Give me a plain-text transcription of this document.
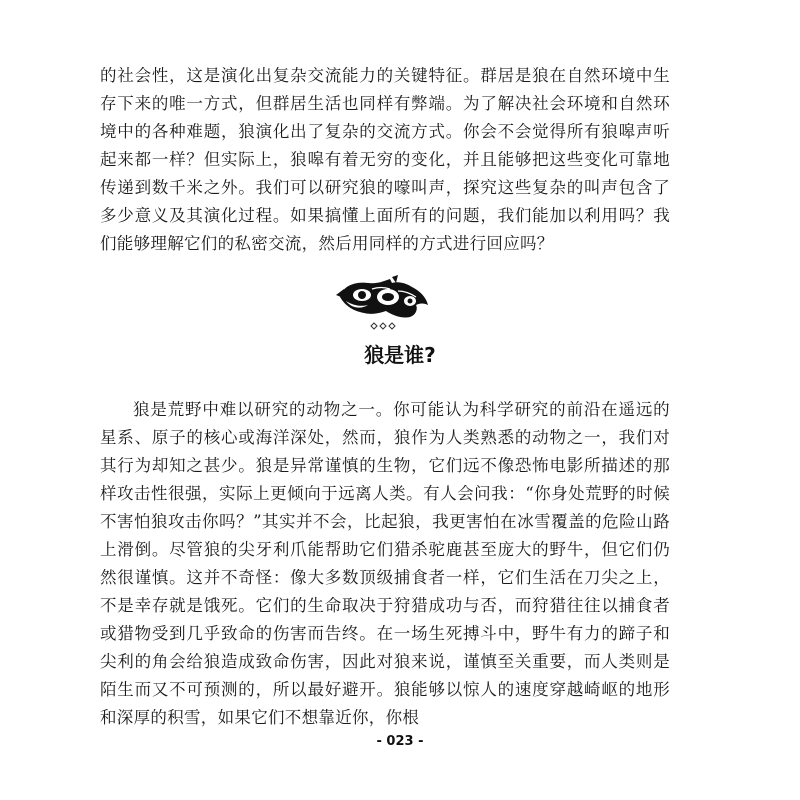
的社会性，这是演化出复杂交流能力的关键特征。群居是狼在自然环境中生存下来的唯一方式，但群居生活也同样有弊端。为了解决社会环境和自然环境中的各种难题，狼演化出了复杂的交流方式。你会不会觉得所有狼嗥声听起来都一样？但实际上，狼嗥有着无穷的变化，并且能够把这些变化可靠地传递到数千米之外。我们可以研究狼的嚎叫声，探究这些复杂的叫声包含了多少意义及其演化过程。如果搞懂上面所有的问题，我们能加以利用吗？我们能够理解它们的私密交流，然后用同样的方式进行回应吗？

狼是谁?

狼是荒野中难以研究的动物之一。你可能认为科学研究的前沿在遥远的星系、原子的核心或海洋深处，然而，狼作为人类熟悉的动物之一，我们对其行为却知之甚少。狼是异常谨慎的生物，它们远不像恐怖电影所描述的那样攻击性很强，实际上更倾向于远离人类。有人会问我：“你身处荒野的时候不害怕狼攻击你吗？”其实并不会，比起狼，我更害怕在冰雪覆盖的危险山路上滑倒。尽管狼的尖牙利爪能帮助它们猎杀驼鹿甚至庞大的野牛，但它们仍然很谨慎。这并不奇怪：像大多数顶级捕食者一样，它们生活在刀尖之上，不是幸存就是饿死。它们的生命取决于狩猎成功与否，而狩猎往往以捕食者或猎物受到几乎致命的伤害而告终。在一场生死搏斗中，野牛有力的蹄子和尖利的角会给狼造成致命伤害，因此对狼来说，谨慎至关重要，而人类则是陌生而又不可预测的，所以最好避开。狼能够以惊人的速度穿越崎岖的地形和深厚的积雪，如果它们不想靠近你，你根

- 023 -
